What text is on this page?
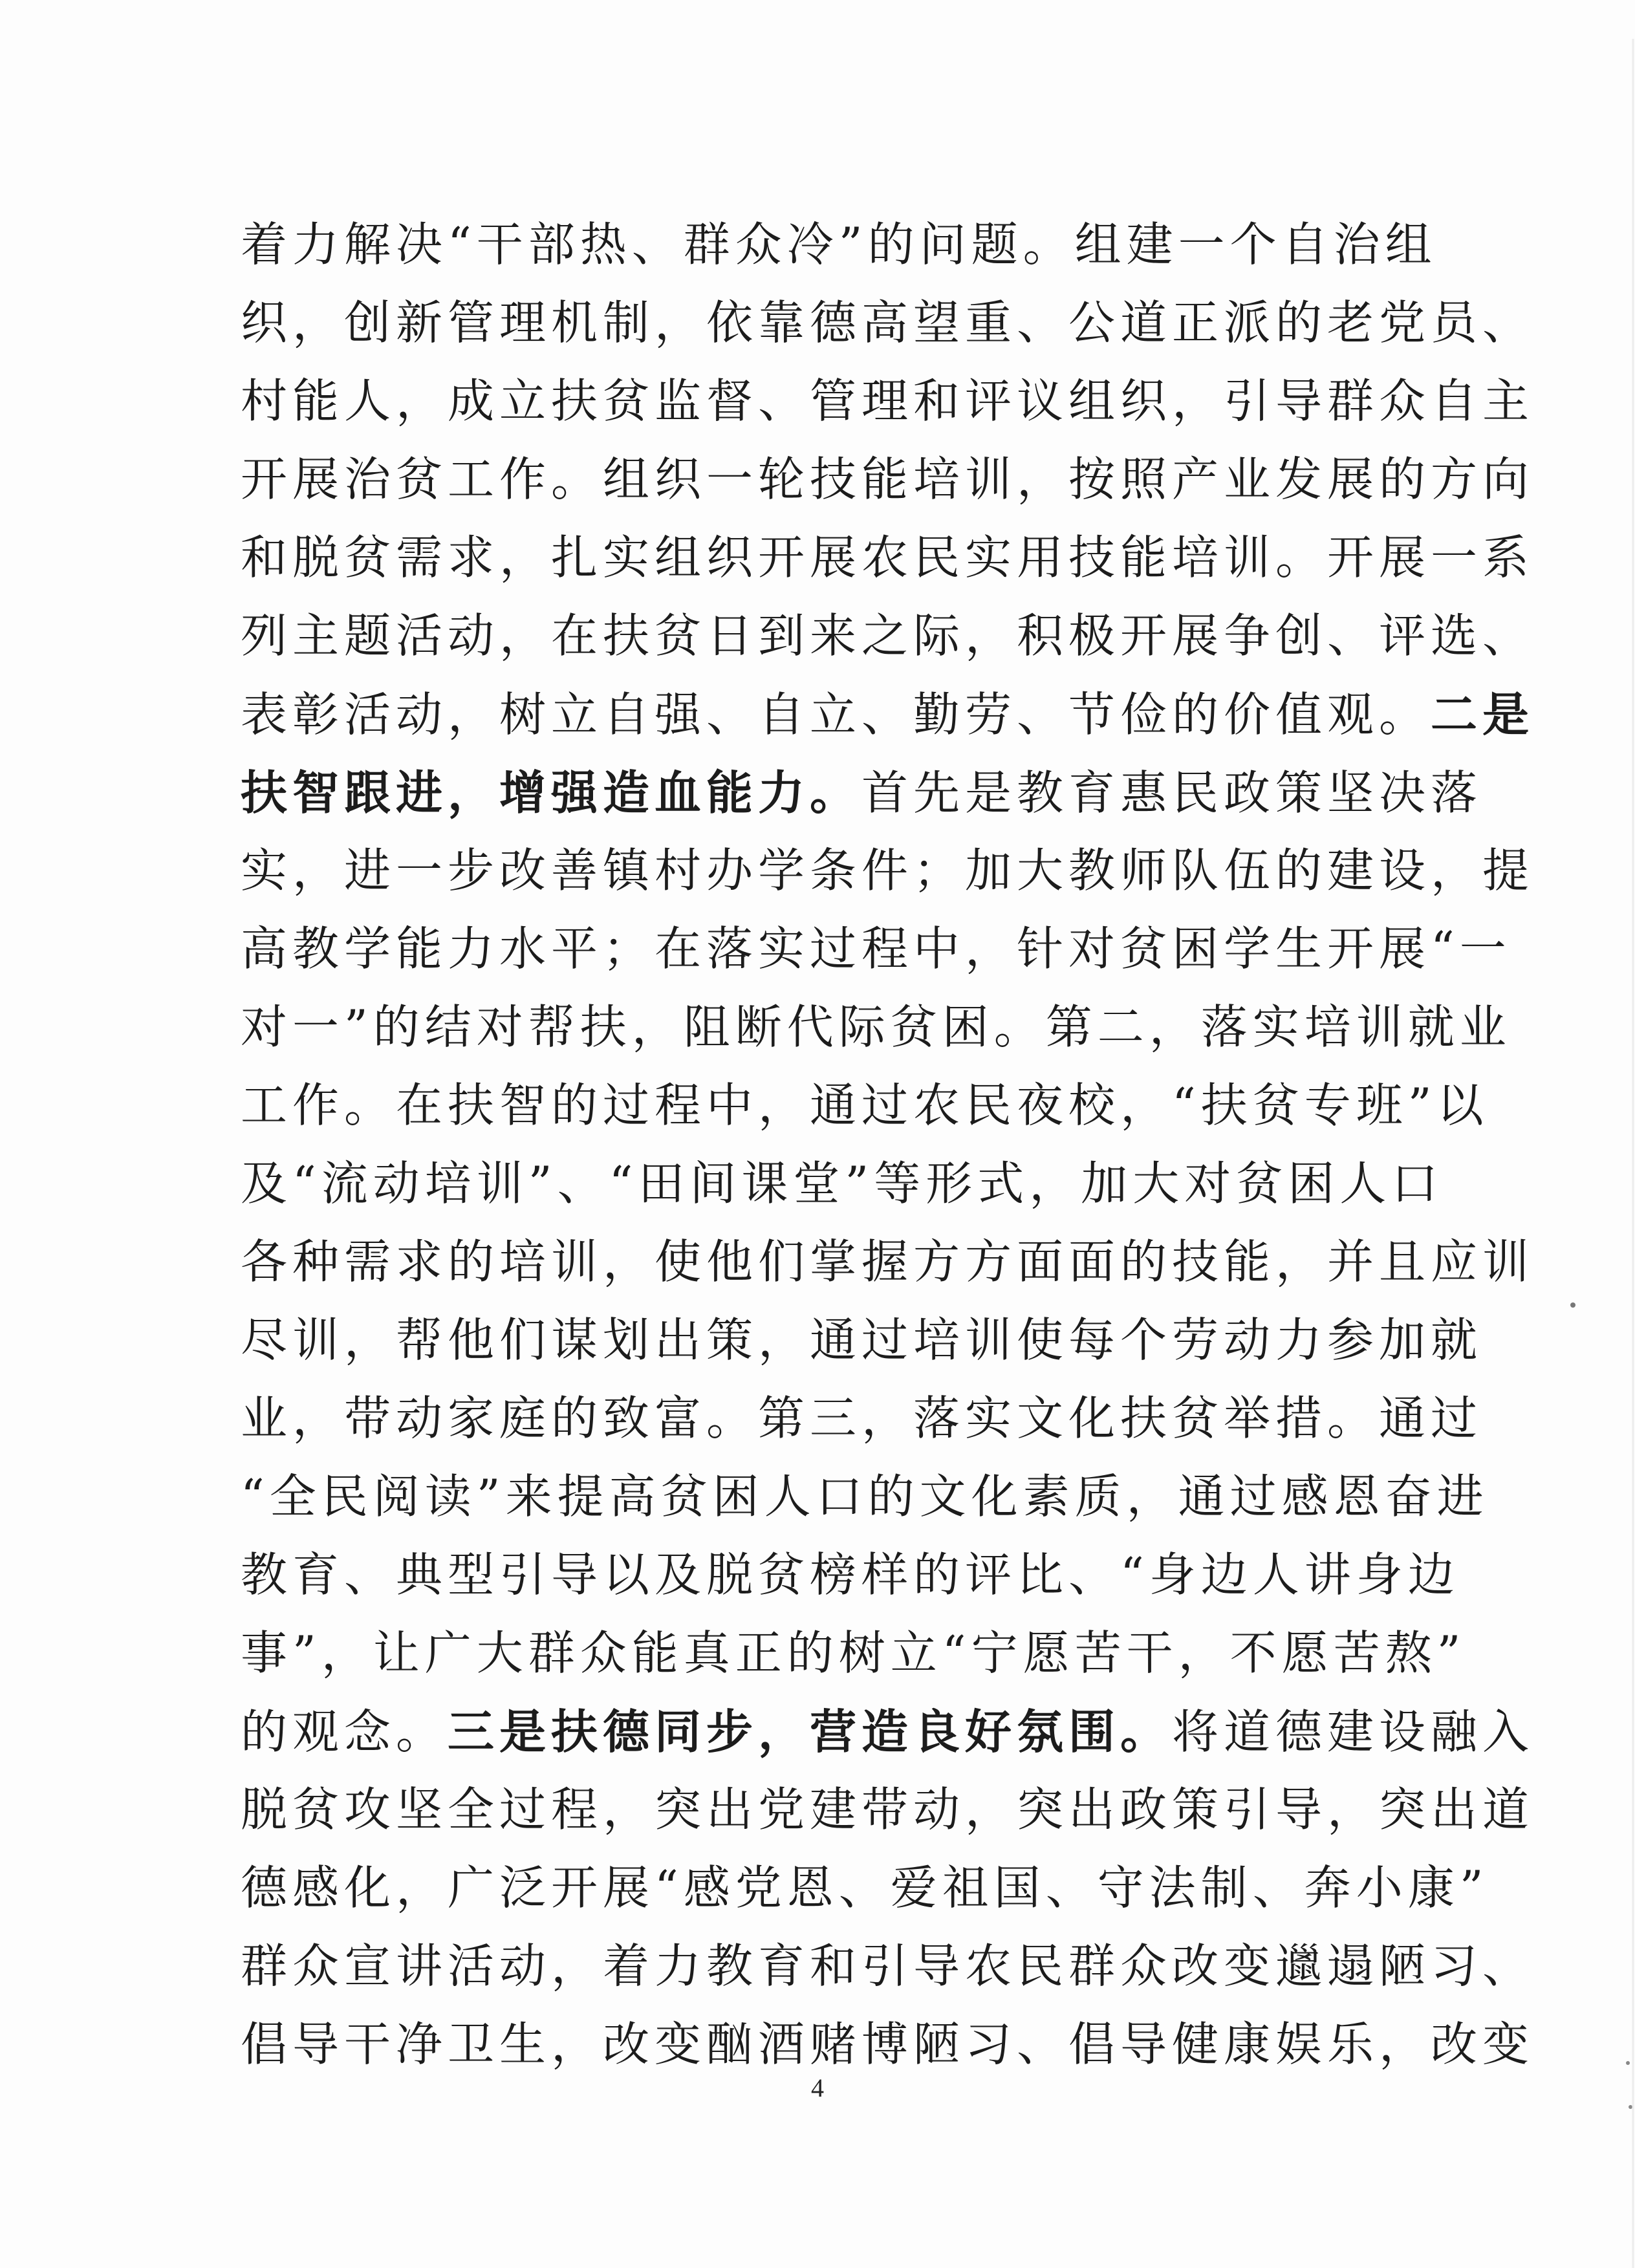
着力解决“干部热、群众冷”的问题。组建一个自治组
织，创新管理机制，依靠德高望重、公道正派的老党员、
村能人，成立扶贫监督、管理和评议组织，引导群众自主
开展治贫工作。组织一轮技能培训，按照产业发展的方向
和脱贫需求，扎实组织开展农民实用技能培训。开展一系
列主题活动，在扶贫日到来之际，积极开展争创、评选、
表彰活动，树立自强、自立、勤劳、节俭的价值观。二是
扶智跟进，增强造血能力。首先是教育惠民政策坚决落
实，进一步改善镇村办学条件；加大教师队伍的建设，提
高教学能力水平；在落实过程中，针对贫困学生开展“一
对一”的结对帮扶，阻断代际贫困。第二，落实培训就业
工作。在扶智的过程中，通过农民夜校，“扶贫专班”以
及“流动培训”、“田间课堂”等形式，加大对贫困人口
各种需求的培训，使他们掌握方方面面的技能，并且应训
尽训，帮他们谋划出策，通过培训使每个劳动力参加就
业，带动家庭的致富。第三，落实文化扶贫举措。通过
“全民阅读”来提高贫困人口的文化素质，通过感恩奋进
教育、典型引导以及脱贫榜样的评比、“身边人讲身边
事”，让广大群众能真正的树立“宁愿苦干，不愿苦熬”
的观念。三是扶德同步，营造良好氛围。将道德建设融入
脱贫攻坚全过程，突出党建带动，突出政策引导，突出道
德感化，广泛开展“感党恩、爱祖国、守法制、奔小康”
群众宣讲活动，着力教育和引导农民群众改变邋遢陋习、
倡导干净卫生，改变酗酒赌博陋习、倡导健康娱乐，改变
4
